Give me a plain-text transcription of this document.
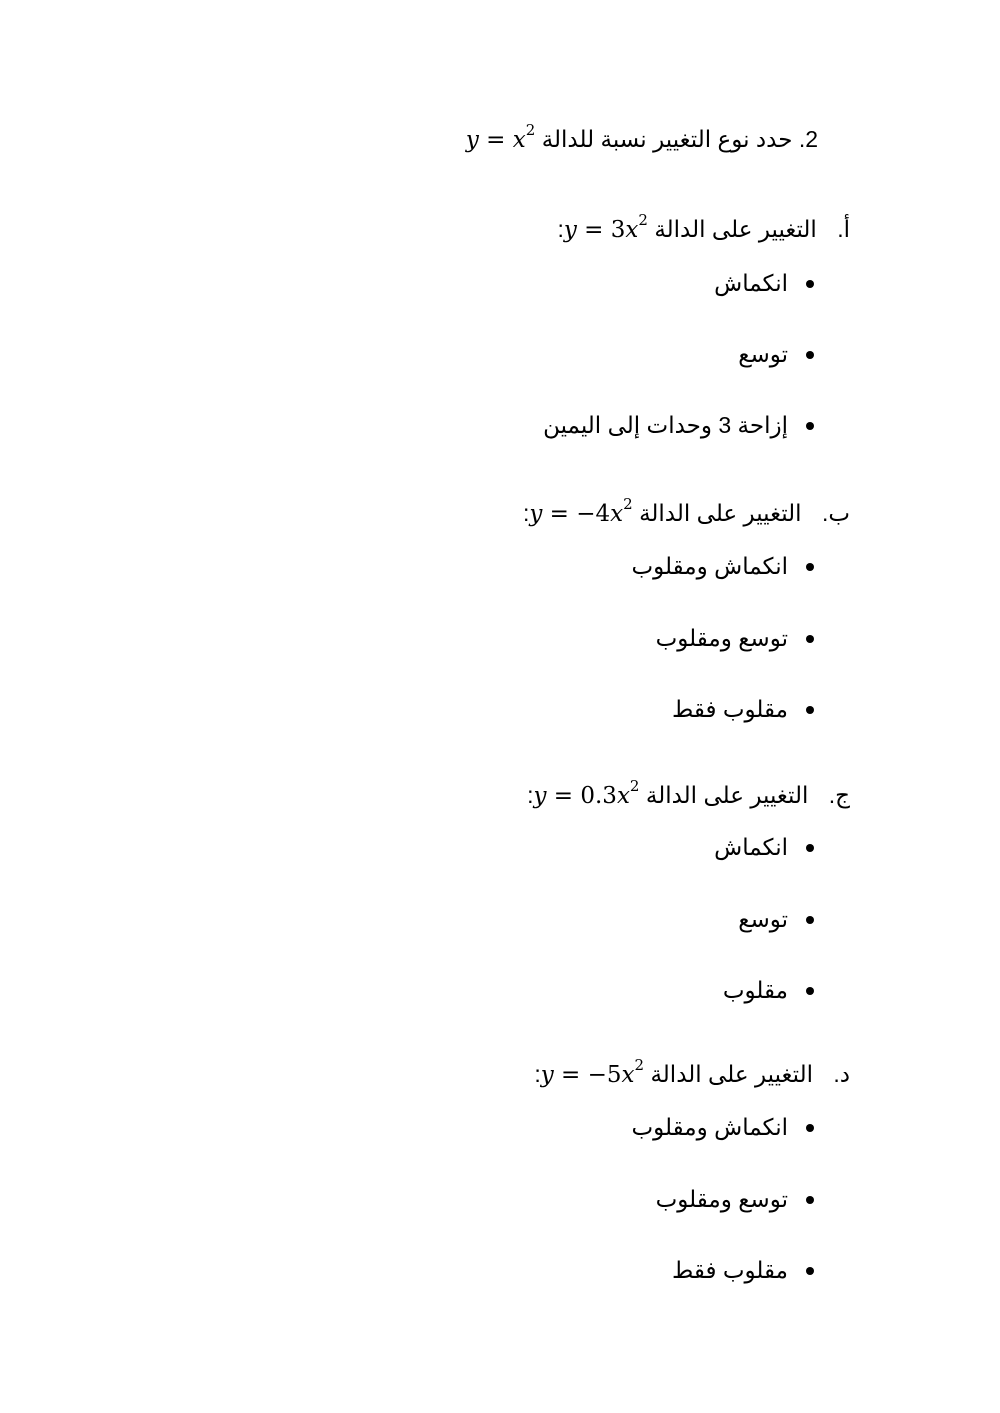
2. حدد نوع التغيير نسبة للدالة $y = x^2$
أ. التغيير على الدالة $y = 3x^2$:
انكماش
توسع
إزاحة 3 وحدات إلى اليمين
ب. التغيير على الدالة $y = -4x^2$:
انكماش ومقلوب
توسع ومقلوب
مقلوب فقط
ج. التغيير على الدالة $y = 0.3x^2$:
انكماش
توسع
مقلوب
د. التغيير على الدالة $y = -5x^2$:
انكماش ومقلوب
توسع ومقلوب
مقلوب فقط
